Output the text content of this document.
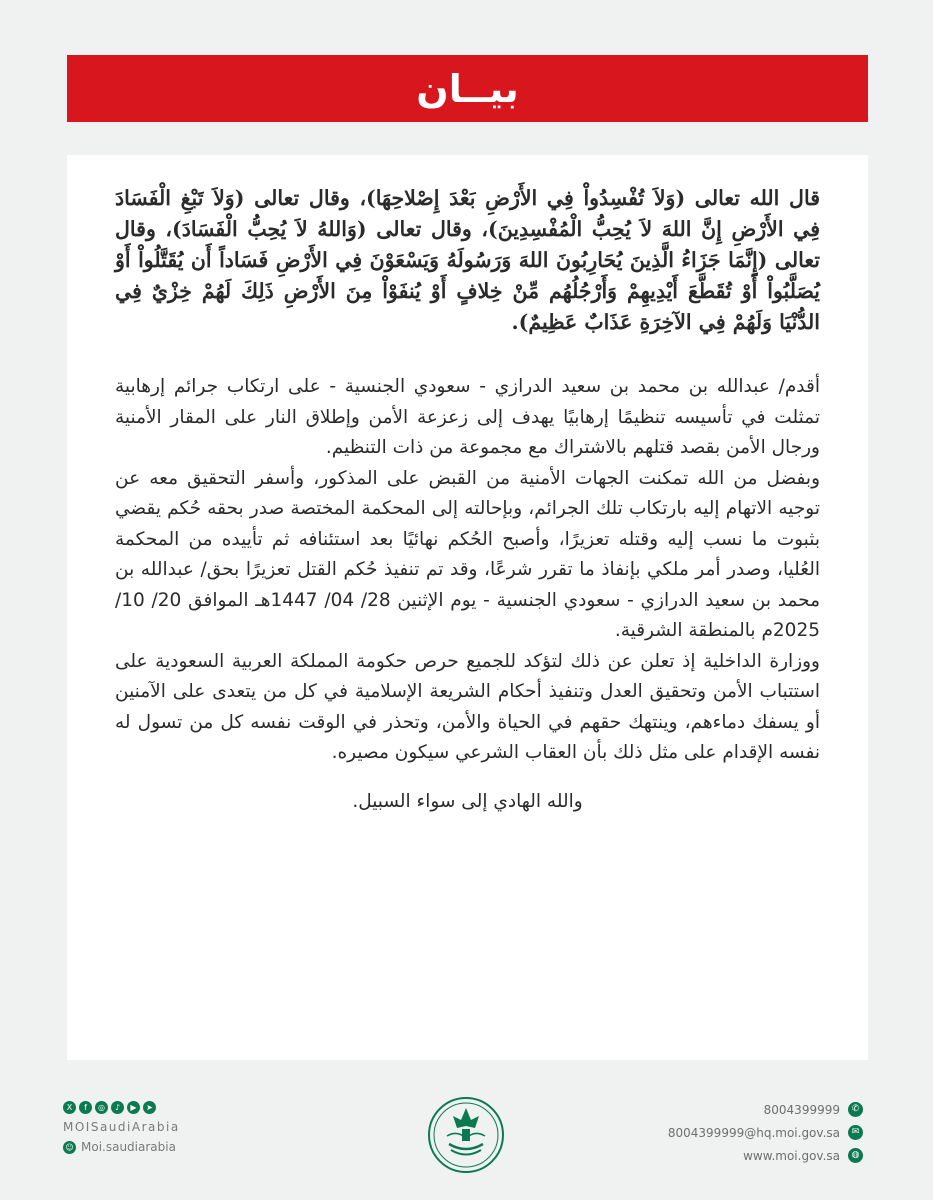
بيــان
قال الله تعالى (وَلاَ تُفْسِدُواْ فِي الأَرْضِ بَعْدَ إِصْلاحِهَا)، وقال تعالى (وَلاَ تَبْغِ الْفَسَادَ فِي الأَرْضِ إِنَّ اللهَ لاَ يُحِبُّ الْمُفْسِدِينَ)، وقال تعالى (وَاللهُ لاَ يُحِبُّ الْفَسَادَ)، وقال تعالى (إِنَّمَا جَزَاءُ الَّذِينَ يُحَارِبُونَ اللهَ وَرَسُولَهُ وَيَسْعَوْنَ فِي الأَرْضِ فَسَاداً أَن يُقَتَّلُواْ أَوْ يُصَلَّبُواْ أَوْ تُقَطَّعَ أَيْدِيهِمْ وَأَرْجُلُهُم مِّنْ خِلافٍ أَوْ يُنفَوْاْ مِنَ الأَرْضِ ذَلِكَ لَهُمْ خِزْيٌ فِي الدُّنْيَا وَلَهُمْ فِي الآخِرَةِ عَذَابٌ عَظِيمٌ).

أقدم/ عبدالله بن محمد بن سعيد الدرازي - سعودي الجنسية - على ارتكاب جرائم إرهابية تمثلت في تأسيسه تنظيمًا إرهابيًا يهدف إلى زعزعة الأمن وإطلاق النار على المقار الأمنية ورجال الأمن بقصد قتلهم بالاشتراك مع مجموعة من ذات التنظيم.

وبفضل من الله تمكنت الجهات الأمنية من القبض على المذكور، وأسفر التحقيق معه عن توجيه الاتهام إليه بارتكاب تلك الجرائم، وبإحالته إلى المحكمة المختصة صدر بحقه حُكم يقضي بثبوت ما نسب إليه وقتله تعزيرًا، وأصبح الحُكم نهائيًا بعد استئنافه ثم تأييده من المحكمة العُليا، وصدر أمر ملكي بإنفاذ ما تقرر شرعًا، وقد تم تنفيذ حُكم القتل تعزيرًا بحق/ عبدالله بن محمد بن سعيد الدرازي - سعودي الجنسية - يوم الإثنين 28/ 04/ 1447هـ الموافق 20/ 10/ 2025م بالمنطقة الشرقية.

ووزارة الداخلية إذ تعلن عن ذلك لتؤكد للجميع حرص حكومة المملكة العربية السعودية على استتباب الأمن وتحقيق العدل وتنفيذ أحكام الشريعة الإسلامية في كل من يتعدى على الآمنين أو يسفك دماءهم، وينتهك حقهم في الحياة والأمن، وتحذر في الوقت نفسه كل من تسول له نفسه الإقدام على مثل ذلك بأن العقاب الشرعي سيكون مصيره.

والله الهادي إلى سواء السبيل.
X	f	◎	♪	▶	➤
MOISaudiArabia
☺ Moi.saudiarabia
8004399999	✆
8004399999@hq.moi.gov.sa	✉
www.moi.gov.sa	◍
